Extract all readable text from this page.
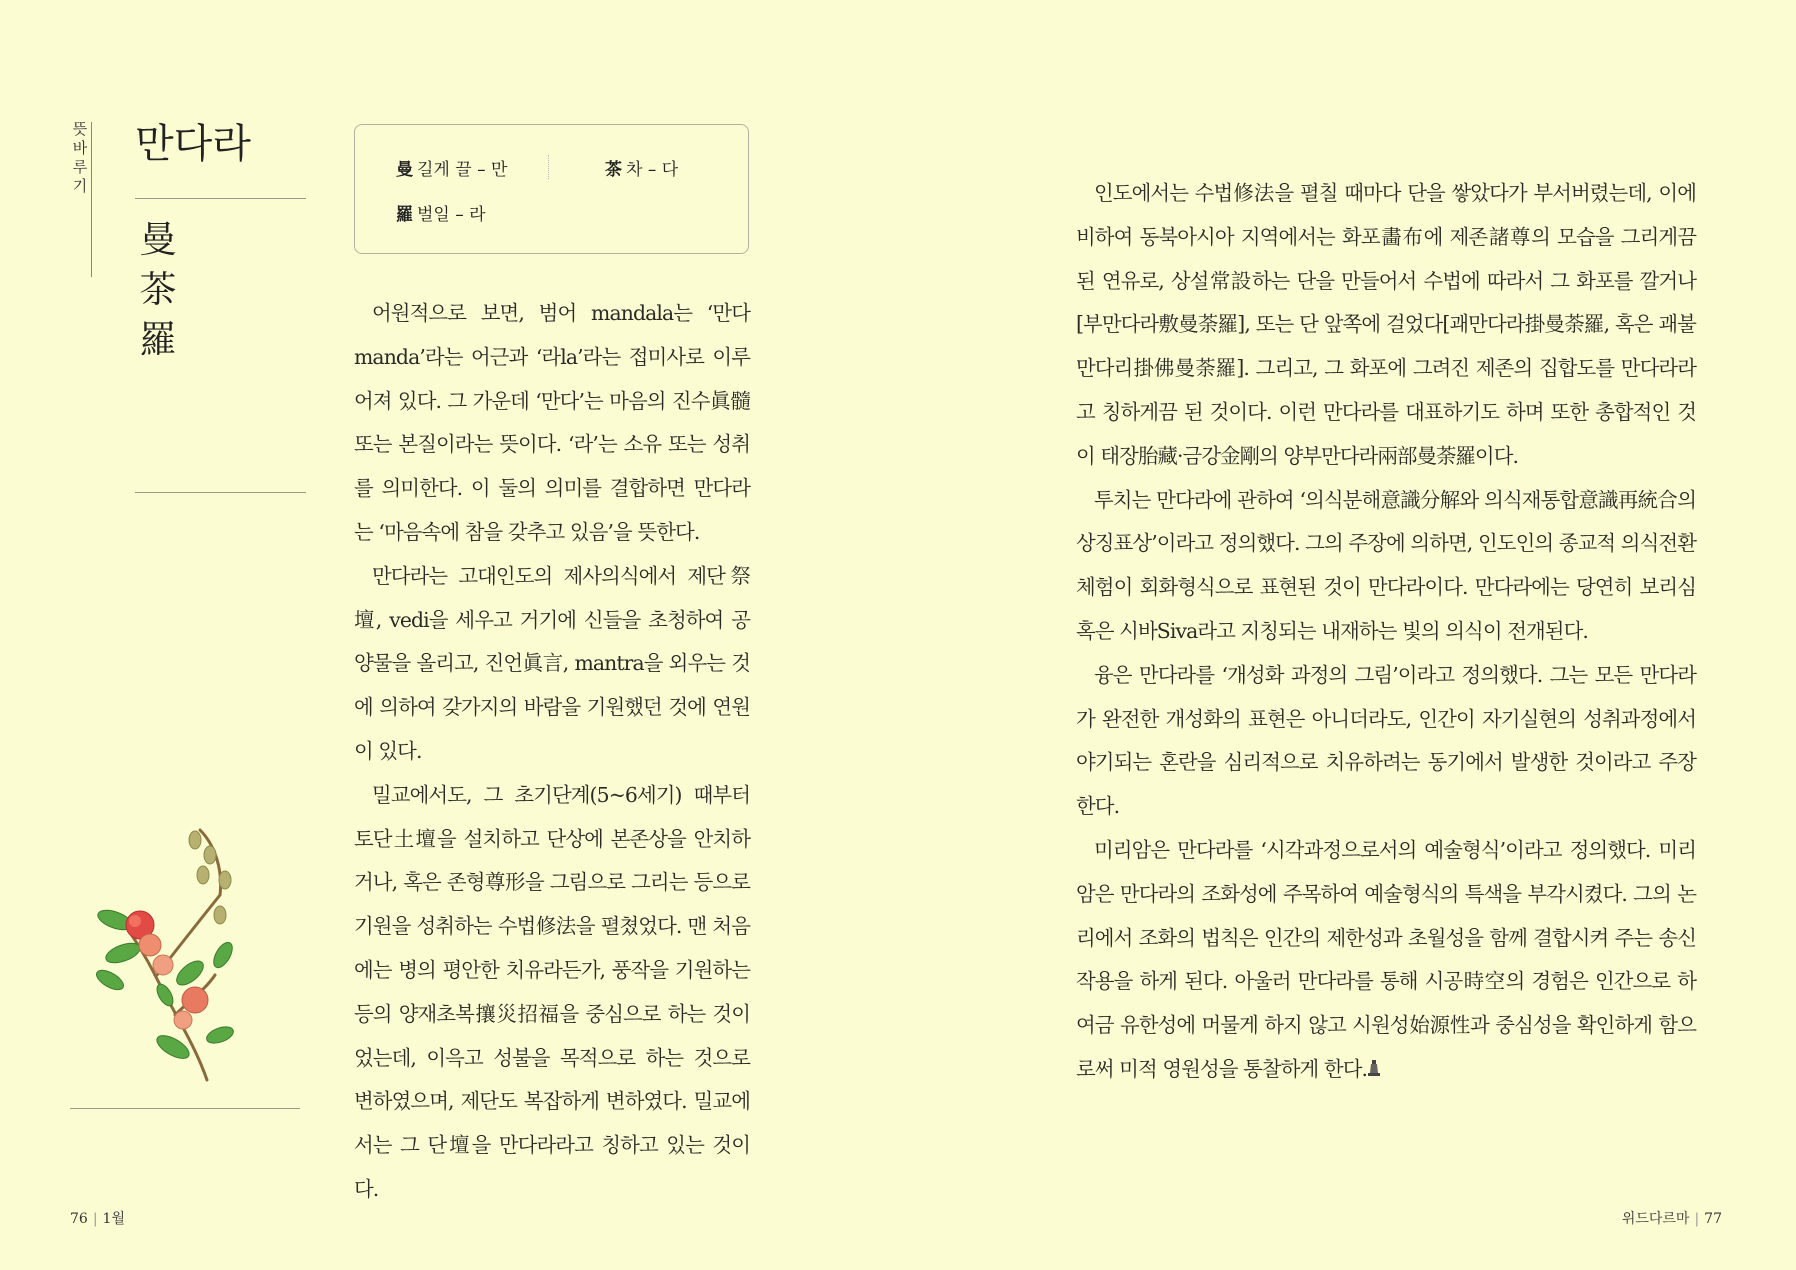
뜻
바
루
기
만다라
曼
茶
羅
曼 길게 끌 – 만	茶 차 – 다
羅 벌일 – 라

어원적으로 보면, 범어 mandala는 ‘만다manda’라는 어근과 ‘라la’라는 접미사로 이루어져 있다. 그 가운데 ‘만다’는 마음의 진수眞髓 또는 본질이라는 뜻이다. ‘라’는 소유 또는 성취를 의미한다. 이 둘의 의미를 결합하면 만다라는 ‘마음속에 참을 갖추고 있음’을 뜻한다.

만다라는 고대인도의 제사의식에서 제단祭壇, vedi을 세우고 거기에 신들을 초청하여 공양물을 올리고, 진언眞言, mantra을 외우는 것에 의하여 갖가지의 바람을 기원했던 것에 연원이 있다.

밀교에서도, 그 초기단계(5~6세기) 때부터 토단土壇을 설치하고 단상에 본존상을 안치하거나, 혹은 존형尊形을 그림으로 그리는 등으로 기원을 성취하는 수법修法을 펼쳤었다. 맨 처음에는 병의 평안한 치유라든가, 풍작을 기원하는 등의 양재초복攘災招福을 중심으로 하는 것이었는데, 이윽고 성불을 목적으로 하는 것으로 변하였으며, 제단도 복잡하게 변하였다. 밀교에서는 그 단壇을 만다라라고 칭하고 있는 것이다.

76 | 1월

인도에서는 수법修法을 펼칠 때마다 단을 쌓았다가 부서버렸는데, 이에 비하여 동북아시아 지역에서는 화포畵布에 제존諸尊의 모습을 그리게끔 된 연유로, 상설常設하는 단을 만들어서 수법에 따라서 그 화포를 깔거나[부만다라敷曼荼羅], 또는 단 앞쪽에 걸었다[괘만다라掛曼荼羅, 혹은 괘불만다리掛佛曼荼羅]. 그리고, 그 화포에 그려진 제존의 집합도를 만다라라고 칭하게끔 된 것이다. 이런 만다라를 대표하기도 하며 또한 총합적인 것이 태장胎藏·금강金剛의 양부만다라兩部曼荼羅이다.

투치는 만다라에 관하여 ‘의식분해意識分解와 의식재통합意識再統合의 상징표상’이라고 정의했다. 그의 주장에 의하면, 인도인의 종교적 의식전환체험이 회화형식으로 표현된 것이 만다라이다. 만다라에는 당연히 보리심 혹은 시바Siva라고 지칭되는 내재하는 빛의 의식이 전개된다.

융은 만다라를 ‘개성화 과정의 그림’이라고 정의했다. 그는 모든 만다라가 완전한 개성화의 표현은 아니더라도, 인간이 자기실현의 성취과정에서 야기되는 혼란을 심리적으로 치유하려는 동기에서 발생한 것이라고 주장한다.

미리암은 만다라를 ‘시각과정으로서의 예술형식’이라고 정의했다. 미리암은 만다라의 조화성에 주목하여 예술형식의 특색을 부각시켰다. 그의 논리에서 조화의 법칙은 인간의 제한성과 초월성을 함께 결합시켜 주는 송신작용을 하게 된다. 아울러 만다라를 통해 시공時空의 경험은 인간으로 하여금 유한성에 머물게 하지 않고 시원성始源性과 중심성을 확인하게 함으로써 미적 영원성을 통찰하게 한다.

위드다르마 | 77
